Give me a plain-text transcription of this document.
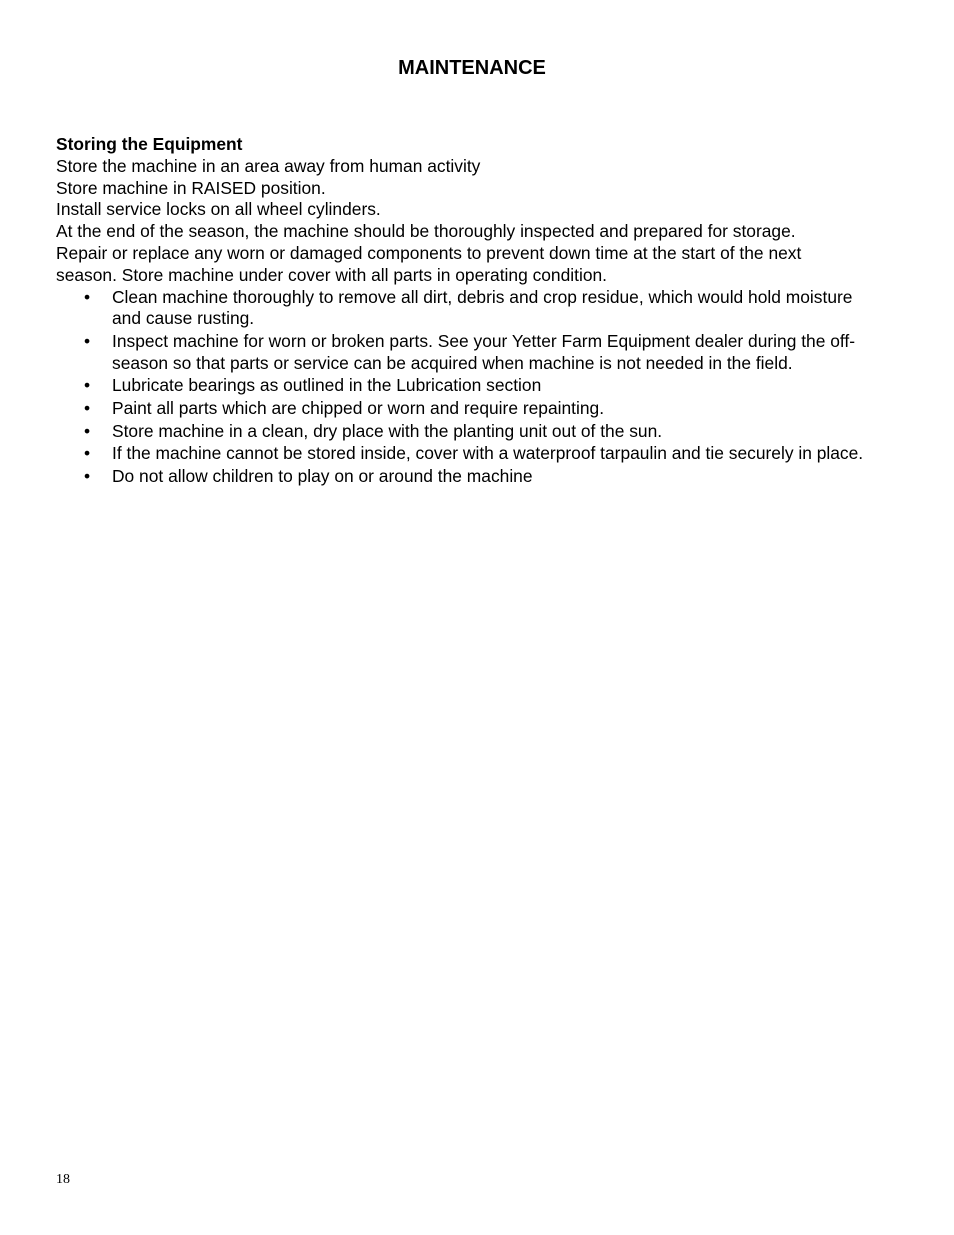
MAINTENANCE
Storing the Equipment
Store the machine in an area away from human activity
Store machine in RAISED position.
Install service locks on all wheel cylinders.
At the end of the season, the machine should be thoroughly inspected and prepared for storage.
Repair or replace any worn or damaged components to prevent down time at the start of the next season. Store machine under cover with all parts in operating condition.
• Clean machine thoroughly to remove all dirt, debris and crop residue, which would hold moisture and cause rusting.
• Inspect machine for worn or broken parts. See your Yetter Farm Equipment dealer during the off-season so that parts or service can be acquired when machine is not needed in the field.
• Lubricate bearings as outlined in the Lubrication section
• Paint all parts which are chipped or worn and require repainting.
• Store machine in a clean, dry place with the planting unit out of the sun.
• If the machine cannot be stored inside, cover with a waterproof tarpaulin and tie securely in place.
• Do not allow children to play on or around the machine
18
